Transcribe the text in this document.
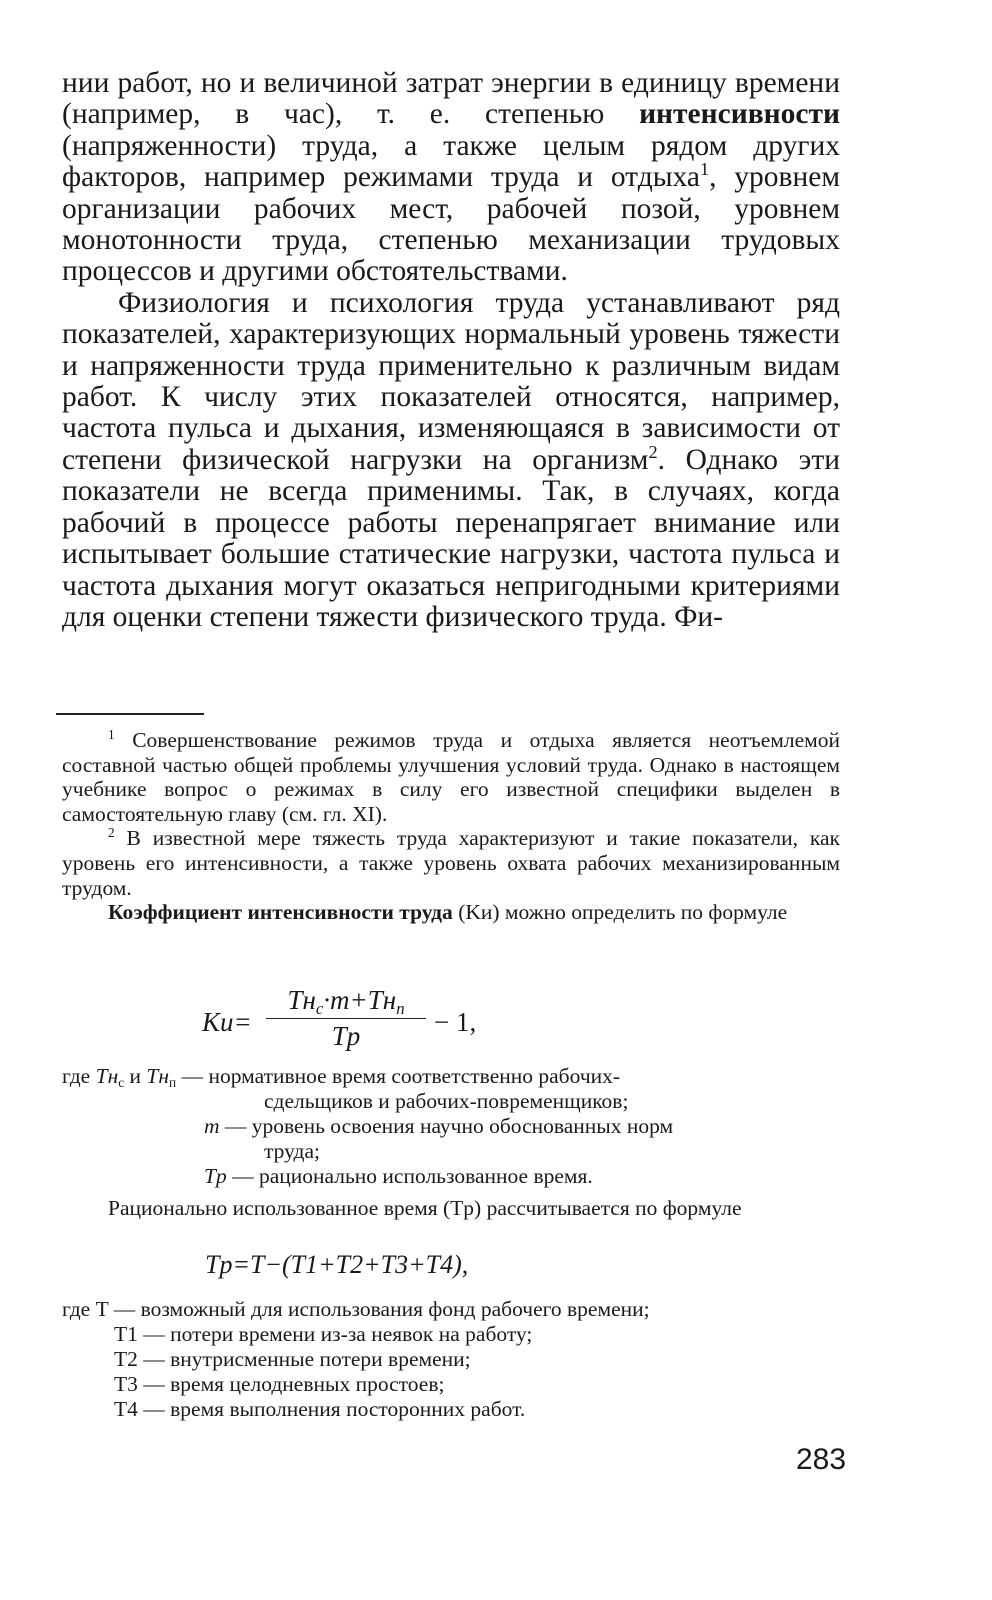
нии работ, но и величиной затрат энергии в единицу времени (например, в час), т. е. степенью интенсивности (напряженности) труда, а также целым рядом других факторов, например режимами труда и отдыха$^1$, уровнем организации рабочих мест, рабочей позой, уровнем монотонности труда, степенью механизации трудовых процессов и другими обстоятельствами.

Физиология и психология труда устанавливают ряд показателей, характеризующих нормальный уровень тяжести и напряженности труда применительно к различным видам работ. К числу этих показателей относятся, например, частота пульса и дыхания, изменяющаяся в зависимости от степени физической нагрузки на организм$^2$. Однако эти показатели не всегда применимы. Так, в случаях, когда рабочий в процессе работы перенапрягает внимание или испытывает большие статические нагрузки, частота пульса и частота дыхания могут оказаться непригодными критериями для оценки степени тяжести физического труда. Фи-

$^1$ Совершенствование режимов труда и отдыха является неотъемлемой составной частью общей проблемы улучшения условий труда. Однако в настоящем учебнике вопрос о режимах в силу его известной специфики выделен в самостоятельную главу (см. гл. XI).

$^2$ В известной мере тяжесть труда характеризуют и такие показатели, как уровень его интенсивности, а также уровень охвата рабочих механизированным трудом.

Коэффициент интенсивности труда (Kи) можно определить по формуле

Kи=
$Tн_с\cdot m+Tн_п$
Tр	− 1,
где $Tн_с$ и $Tн_п$ — нормативное время соответственно рабочих-
сдельщиков и рабочих-повременщиков;
m — уровень освоения научно обоснованных норм
труда;
Tр — рационально использованное время.
Рационально использованное время (Tр) рассчитывается по формуле
Tр=T−(T1+T2+T3+T4),
где T — возможный для использования фонд рабочего времени;
T1 — потери времени из-за неявок на работу;
T2 — внутрисменные потери времени;
T3 — время целодневных простоев;
T4 — время выполнения посторонних работ.
283
